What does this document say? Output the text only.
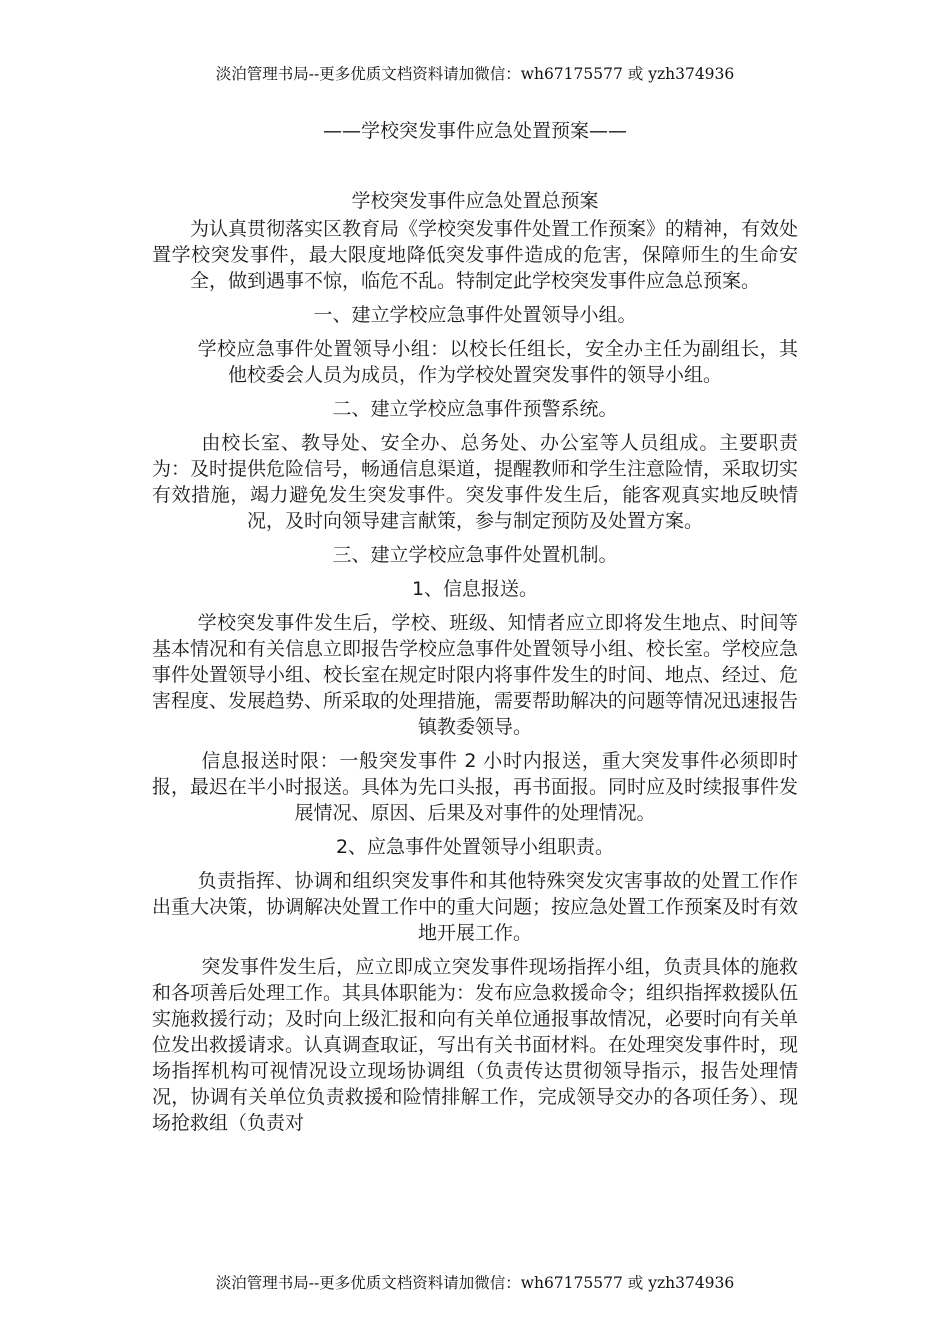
淡泊管理书局--更多优质文档资料请加微信：wh67175577 或 yzh374936
——学校突发事件应急处置预案——
学校突发事件应急处置总预案

为认真贯彻落实区教育局《学校突发事件处置工作预案》的精神，有效处置学校突发事件，最大限度地降低突发事件造成的危害，保障师生的生命安全，做到遇事不惊，临危不乱。特制定此学校突发事件应急总预案。

一、建立学校应急事件处置领导小组。

学校应急事件处置领导小组：以校长任组长，安全办主任为副组长，其他校委会人员为成员，作为学校处置突发事件的领导小组。

二、建立学校应急事件预警系统。

由校长室、教导处、安全办、总务处、办公室等人员组成。主要职责为：及时提供危险信号，畅通信息渠道，提醒教师和学生注意险情，采取切实有效措施，竭力避免发生突发事件。突发事件发生后，能客观真实地反映情况，及时向领导建言献策，参与制定预防及处置方案。

三、建立学校应急事件处置机制。
1、信息报送。

学校突发事件发生后，学校、班级、知情者应立即将发生地点、时间等基本情况和有关信息立即报告学校应急事件处置领导小组、校长室。学校应急事件处置领导小组、校长室在规定时限内将事件发生的时间、地点、经过、危害程度、发展趋势、所采取的处理措施，需要帮助解决的问题等情况迅速报告镇教委领导。

信息报送时限：一般突发事件 2 小时内报送，重大突发事件必须即时报，最迟在半小时报送。具体为先口头报，再书面报。同时应及时续报事件发展情况、原因、后果及对事件的处理情况。

2、应急事件处置领导小组职责。

负责指挥、协调和组织突发事件和其他特殊突发灾害事故的处置工作作出重大决策，协调解决处置工作中的重大问题；按应急处置工作预案及时有效地开展工作。

突发事件发生后，应立即成立突发事件现场指挥小组，负责具体的施救和各项善后处理工作。其具体职能为：发布应急救援命令；组织指挥救援队伍实施救援行动；及时向上级汇报和向有关单位通报事故情况，必要时向有关单位发出救援请求。认真调查取证，写出有关书面材料。在处理突发事件时，现场指挥机构可视情况设立现场协调组（负责传达贯彻领导指示，报告处理情况，协调有关单位负责救援和险情排解工作，完成领导交办的各项任务）、现场抢救组（负责对

淡泊管理书局--更多优质文档资料请加微信：wh67175577 或 yzh374936
